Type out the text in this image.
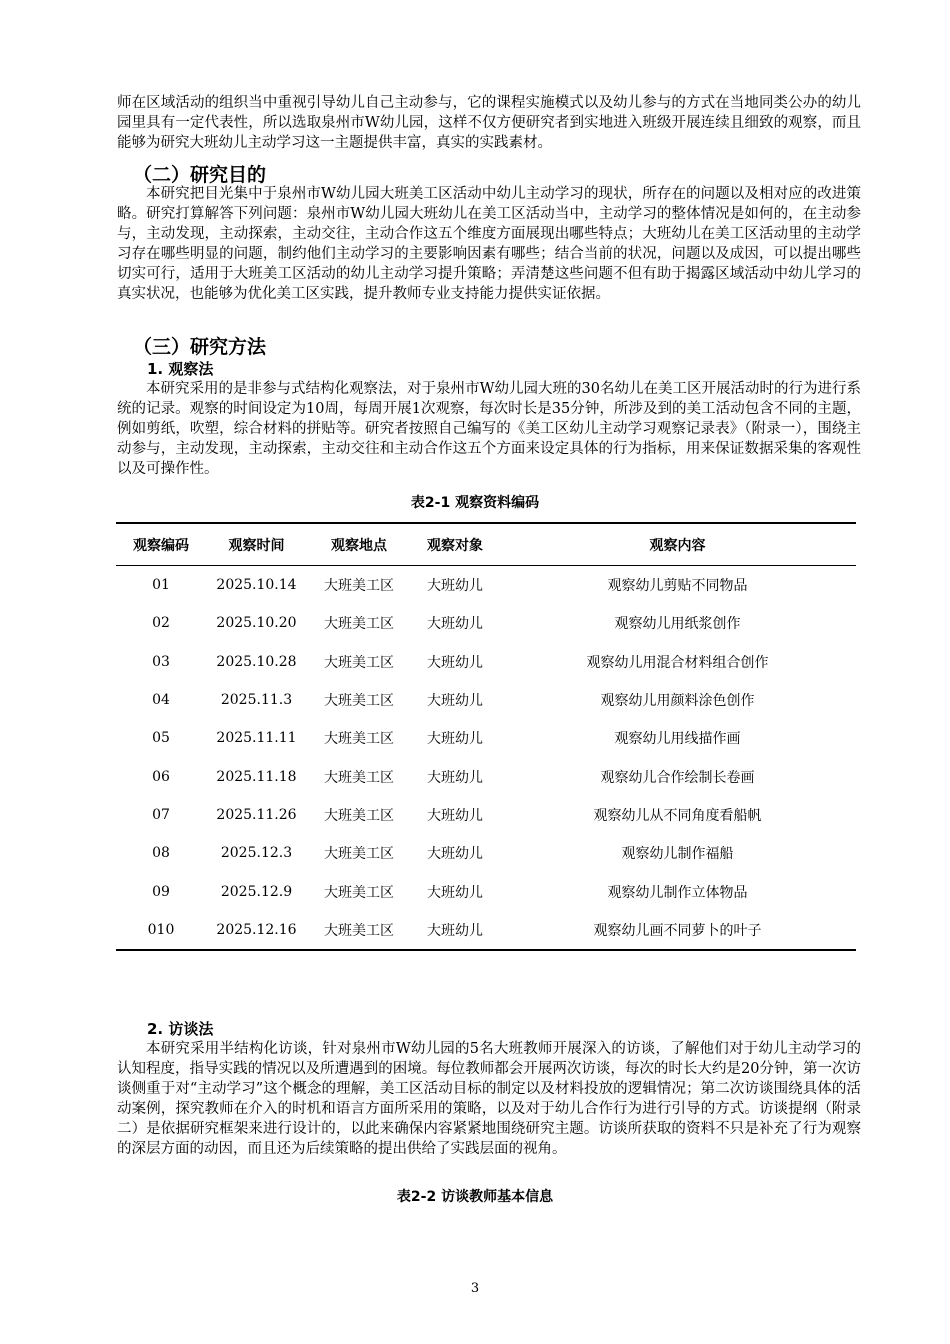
师在区域活动的组织当中重视引导幼儿自己主动参与，它的课程实施模式以及幼儿参与的方式在当地同类公办的幼儿园里具有一定代表性，所以选取泉州市W幼儿园，这样不仅方便研究者到实地进入班级开展连续且细致的观察，而且能够为研究大班幼儿主动学习这一主题提供丰富，真实的实践素材。

（二）研究目的

本研究把目光集中于泉州市W幼儿园大班美工区活动中幼儿主动学习的现状，所存在的问题以及相对应的改进策略。研究打算解答下列问题：泉州市W幼儿园大班幼儿在美工区活动当中，主动学习的整体情况是如何的，在主动参与，主动发现，主动探索，主动交往，主动合作这五个维度方面展现出哪些特点；大班幼儿在美工区活动里的主动学习存在哪些明显的问题，制约他们主动学习的主要影响因素有哪些；结合当前的状况，问题以及成因，可以提出哪些切实可行，适用于大班美工区活动的幼儿主动学习提升策略；弄清楚这些问题不但有助于揭露区域活动中幼儿学习的真实状况，也能够为优化美工区实践，提升教师专业支持能力提供实证依据。

（三）研究方法
1. 观察法

本研究采用的是非参与式结构化观察法，对于泉州市W幼儿园大班的30名幼儿在美工区开展活动时的行为进行系统的记录。观察的时间设定为10周，每周开展1次观察，每次时长是35分钟，所涉及到的美工活动包含不同的主题，例如剪纸，吹塑，综合材料的拼贴等。研究者按照自己编写的《美工区幼儿主动学习观察记录表》（附录一），围绕主动参与，主动发现，主动探索，主动交往和主动合作这五个方面来设定具体的行为指标，用来保证数据采集的客观性以及可操作性。

表2-1 观察资料编码

观察编码	观察时间	观察地点	观察对象	观察内容
01	2025.10.14	大班美工区	大班幼儿	观察幼儿剪贴不同物品
02	2025.10.20	大班美工区	大班幼儿	观察幼儿用纸浆创作
03	2025.10.28	大班美工区	大班幼儿	观察幼儿用混合材料组合创作
04	2025.11.3	大班美工区	大班幼儿	观察幼儿用颜料涂色创作
05	2025.11.11	大班美工区	大班幼儿	观察幼儿用线描作画
06	2025.11.18	大班美工区	大班幼儿	观察幼儿合作绘制长卷画
07	2025.11.26	大班美工区	大班幼儿	观察幼儿从不同角度看船帆
08	2025.12.3	大班美工区	大班幼儿	观察幼儿制作福船
09	2025.12.9	大班美工区	大班幼儿	观察幼儿制作立体物品
010	2025.12.16	大班美工区	大班幼儿	观察幼儿画不同萝卜的叶子
2. 访谈法

本研究采用半结构化访谈，针对泉州市W幼儿园的5名大班教师开展深入的访谈，了解他们对于幼儿主动学习的认知程度，指导实践的情况以及所遭遇到的困境。每位教师都会开展两次访谈，每次的时长大约是20分钟，第一次访谈侧重于对“主动学习”这个概念的理解，美工区活动目标的制定以及材料投放的逻辑情况；第二次访谈围绕具体的活动案例，探究教师在介入的时机和语言方面所采用的策略，以及对于幼儿合作行为进行引导的方式。访谈提纲（附录二）是依据研究框架来进行设计的，以此来确保内容紧紧地围绕研究主题。访谈所获取的资料不只是补充了行为观察的深层方面的动因，而且还为后续策略的提出供给了实践层面的视角。

表2-2 访谈教师基本信息

3
